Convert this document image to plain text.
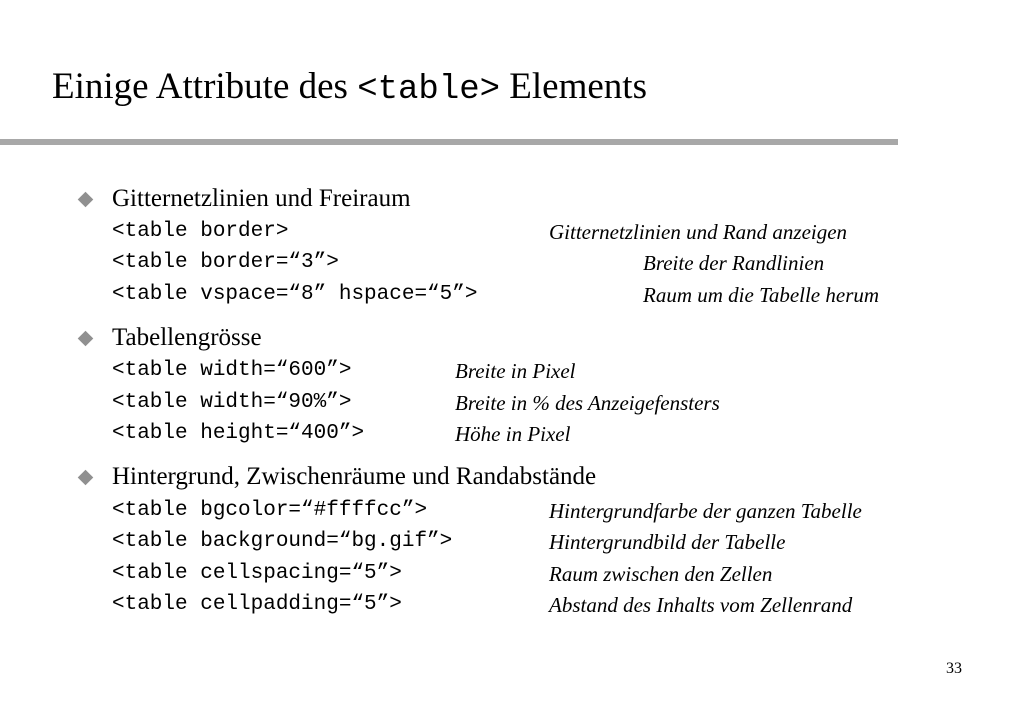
Einige Attribute des <table> Elements
Gitternetzlinien und Freiraum
<table border>	Gitternetzlinien und Rand anzeigen
<table border=“3”>	Breite der Randlinien
<table vspace=“8” hspace=“5”>	Raum um die Tabelle herum
Tabellengrösse
<table width=“600”>	Breite in Pixel
<table width=“90%”>	Breite in % des Anzeigefensters
<table height=“400”>	Höhe in Pixel
Hintergrund, Zwischenräume und Randabstände
<table bgcolor=“#ffffcc”>	Hintergrundfarbe der ganzen Tabelle
<table background=“bg.gif”>	Hintergrundbild der Tabelle
<table cellspacing=“5”>	Raum zwischen den Zellen
<table cellpadding=“5”>	Abstand des Inhalts vom Zellenrand
33
